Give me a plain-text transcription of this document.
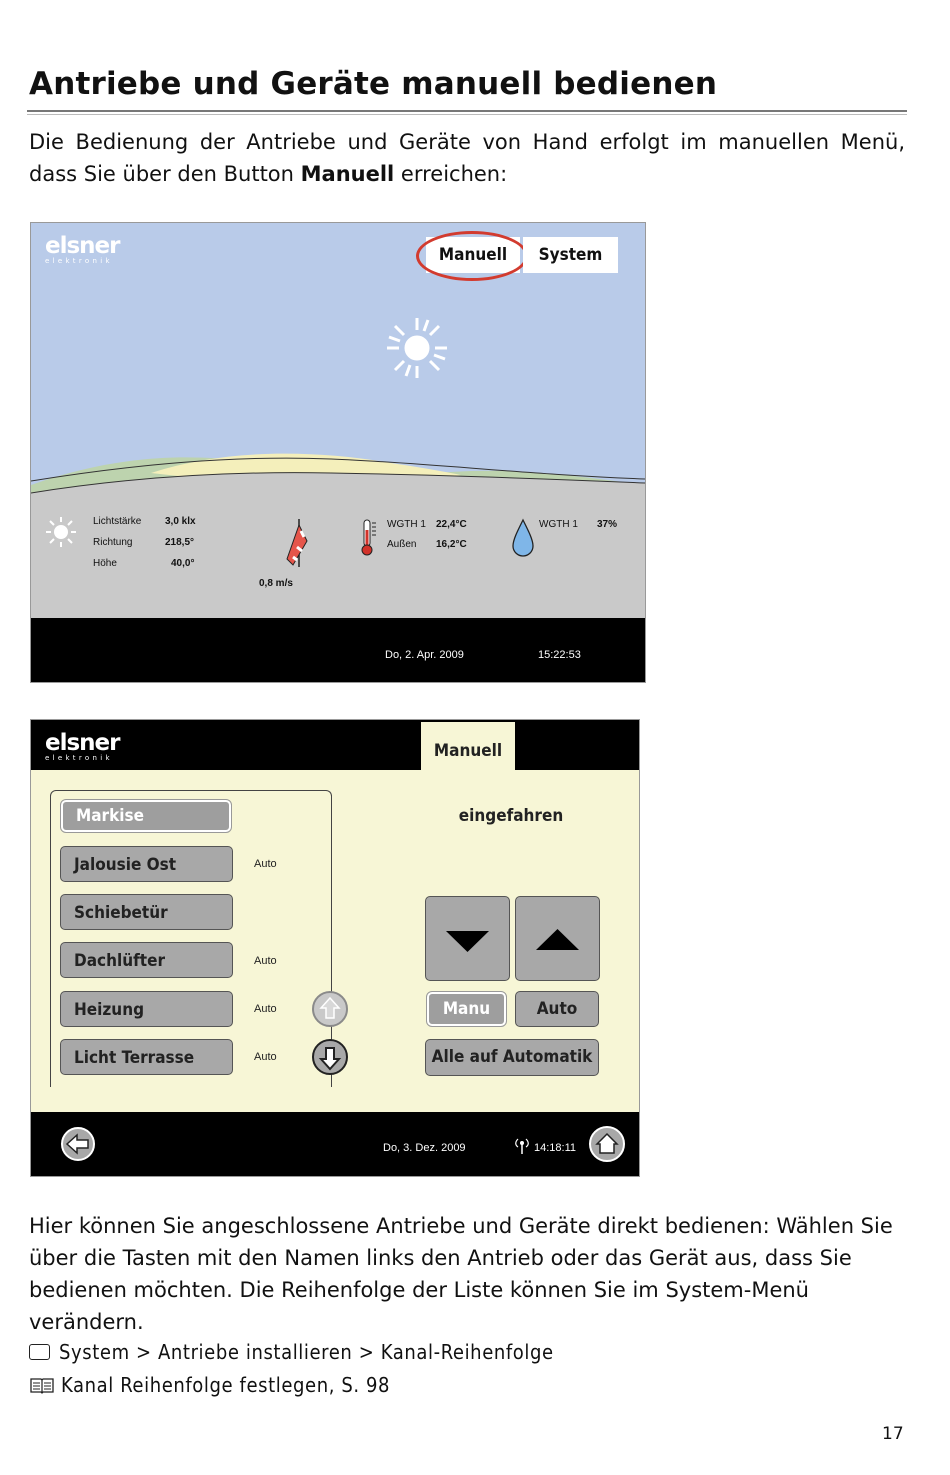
Antriebe und Geräte manuell bedienen

Die Bedienung der Antriebe und Geräte von Hand erfolgt im manuellen Menü, dass Sie über den Button Manuell erreichen:

elsner
elektronik	Manuell	System
Lichtstärke 3,0 klx
Richtung	218,5°
Höhe	40,0°
0,8 m/s
WGTH 1 22,4°C
Außen 16,2°C
WGTH 1 37%
Do, 2. Apr. 2009	15:22:53
elsner
elektronik	Manuell
Markise
Jalousie Ost	Auto
Schiebetür
Dachlüfter	Auto
Heizung	Auto
Licht Terrasse	Auto
eingefahren
Manu	Auto
Alle auf Automatik
Do, 3. Dez. 2009	14:18:11

Hier können Sie angeschlossene Antriebe und Geräte direkt bedienen: Wählen Sie über die Tasten mit den Namen links den Antrieb oder das Gerät aus, dass Sie bedienen möchten. Die Reihenfolge der Liste können Sie im System-Menü verändern.

System > Antriebe installieren > Kanal-Reihenfolge
Kanal Reihenfolge festlegen, S. 98
17
